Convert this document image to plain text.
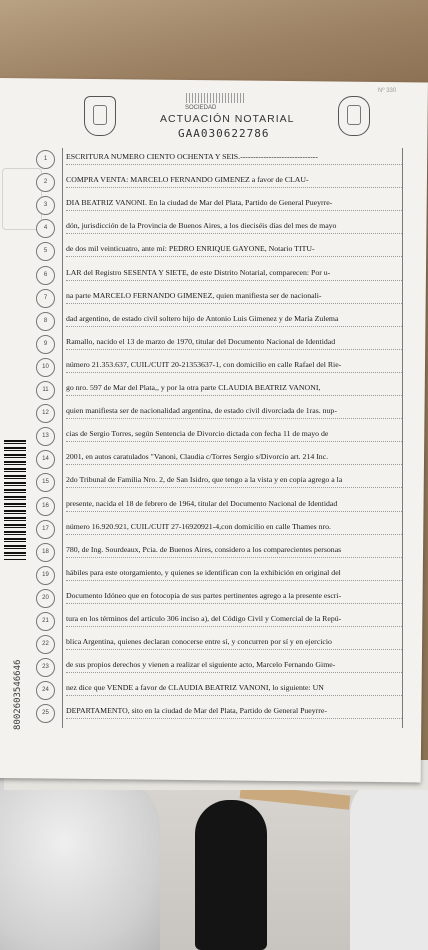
Nº 330
SOCIEDAD
ACTUACIÓN NOTARIAL
GAA030622786
8002603546646
1	ESCRITURA NUMERO CIENTO OCHENTA Y SEIS.------------------------------
2	COMPRA VENTA: MARCELO FERNANDO GIMENEZ a favor de CLAU-
3	DIA BEATRIZ VANONI. En la ciudad de Mar del Plata, Partido de General Pueyrre-
4	dón, jurisdicción de la Provincia de Buenos Aires, a los dieciséis días del mes de mayo
5	de dos mil veinticuatro, ante mí: PEDRO ENRIQUE GAYONE, Notario TITU-
6	LAR del Registro SESENTA Y SIETE, de este Distrito Notarial, comparecen: Por u-
7	na parte MARCELO FERNANDO GIMENEZ, quien manifiesta ser de nacionali-
8	dad argentino, de estado civil soltero hijo de Antonio Luis Gimenez y de María Zulema
9	Ramallo, nacido el 13 de marzo de 1970, titular del Documento Nacional de Identidad
10	número 21.353.637, CUIL/CUIT 20-21353637-1, con domicilio en calle Rafael del Rie-
11	go nro. 597 de Mar del Plata,, y por la otra parte CLAUDIA BEATRIZ VANONI,
12	quien manifiesta ser de nacionalidad argentina, de estado civil divorciada de 1ras. nup-
13	cias de Sergio Torres, según Sentencia de Divorcio dictada con fecha 11 de mayo de
14	2001, en autos caratulados "Vanoni, Claudia c/Torres Sergio s/Divorcio art. 214 Inc.
15	2do Tribunal de Familia Nro. 2, de San Isidro, que tengo a la vista y en copia agrego a la
16	presente, nacida el 18 de febrero de 1964, titular del Documento Nacional de Identidad
17	número 16.920.921, CUIL/CUIT 27-16920921-4,con domicilio en calle Thames nro.
18	780, de Ing. Sourdeaux, Pcia. de Buenos Aires, considero a los comparecientes personas
19	hábiles para este otorgamiento, y quienes se identifican con la exhibición en original del
20	Documento Idóneo que en fotocopia de sus partes pertinentes agrego a la presente escri-
21	tura en los términos del artículo 306 inciso a), del Código Civil y Comercial de la Repú-
22	blica Argentina, quienes declaran conocerse entre sí, y concurren por sí y en ejercicio
23	de sus propios derechos y vienen a realizar el siguiente acto, Marcelo Fernando Gime-
24	nez dice que VENDE a favor de CLAUDIA BEATRIZ VANONI, lo siguiente: UN
25	DEPARTAMENTO, sito en la ciudad de Mar del Plata, Partido de General Pueyrre-
